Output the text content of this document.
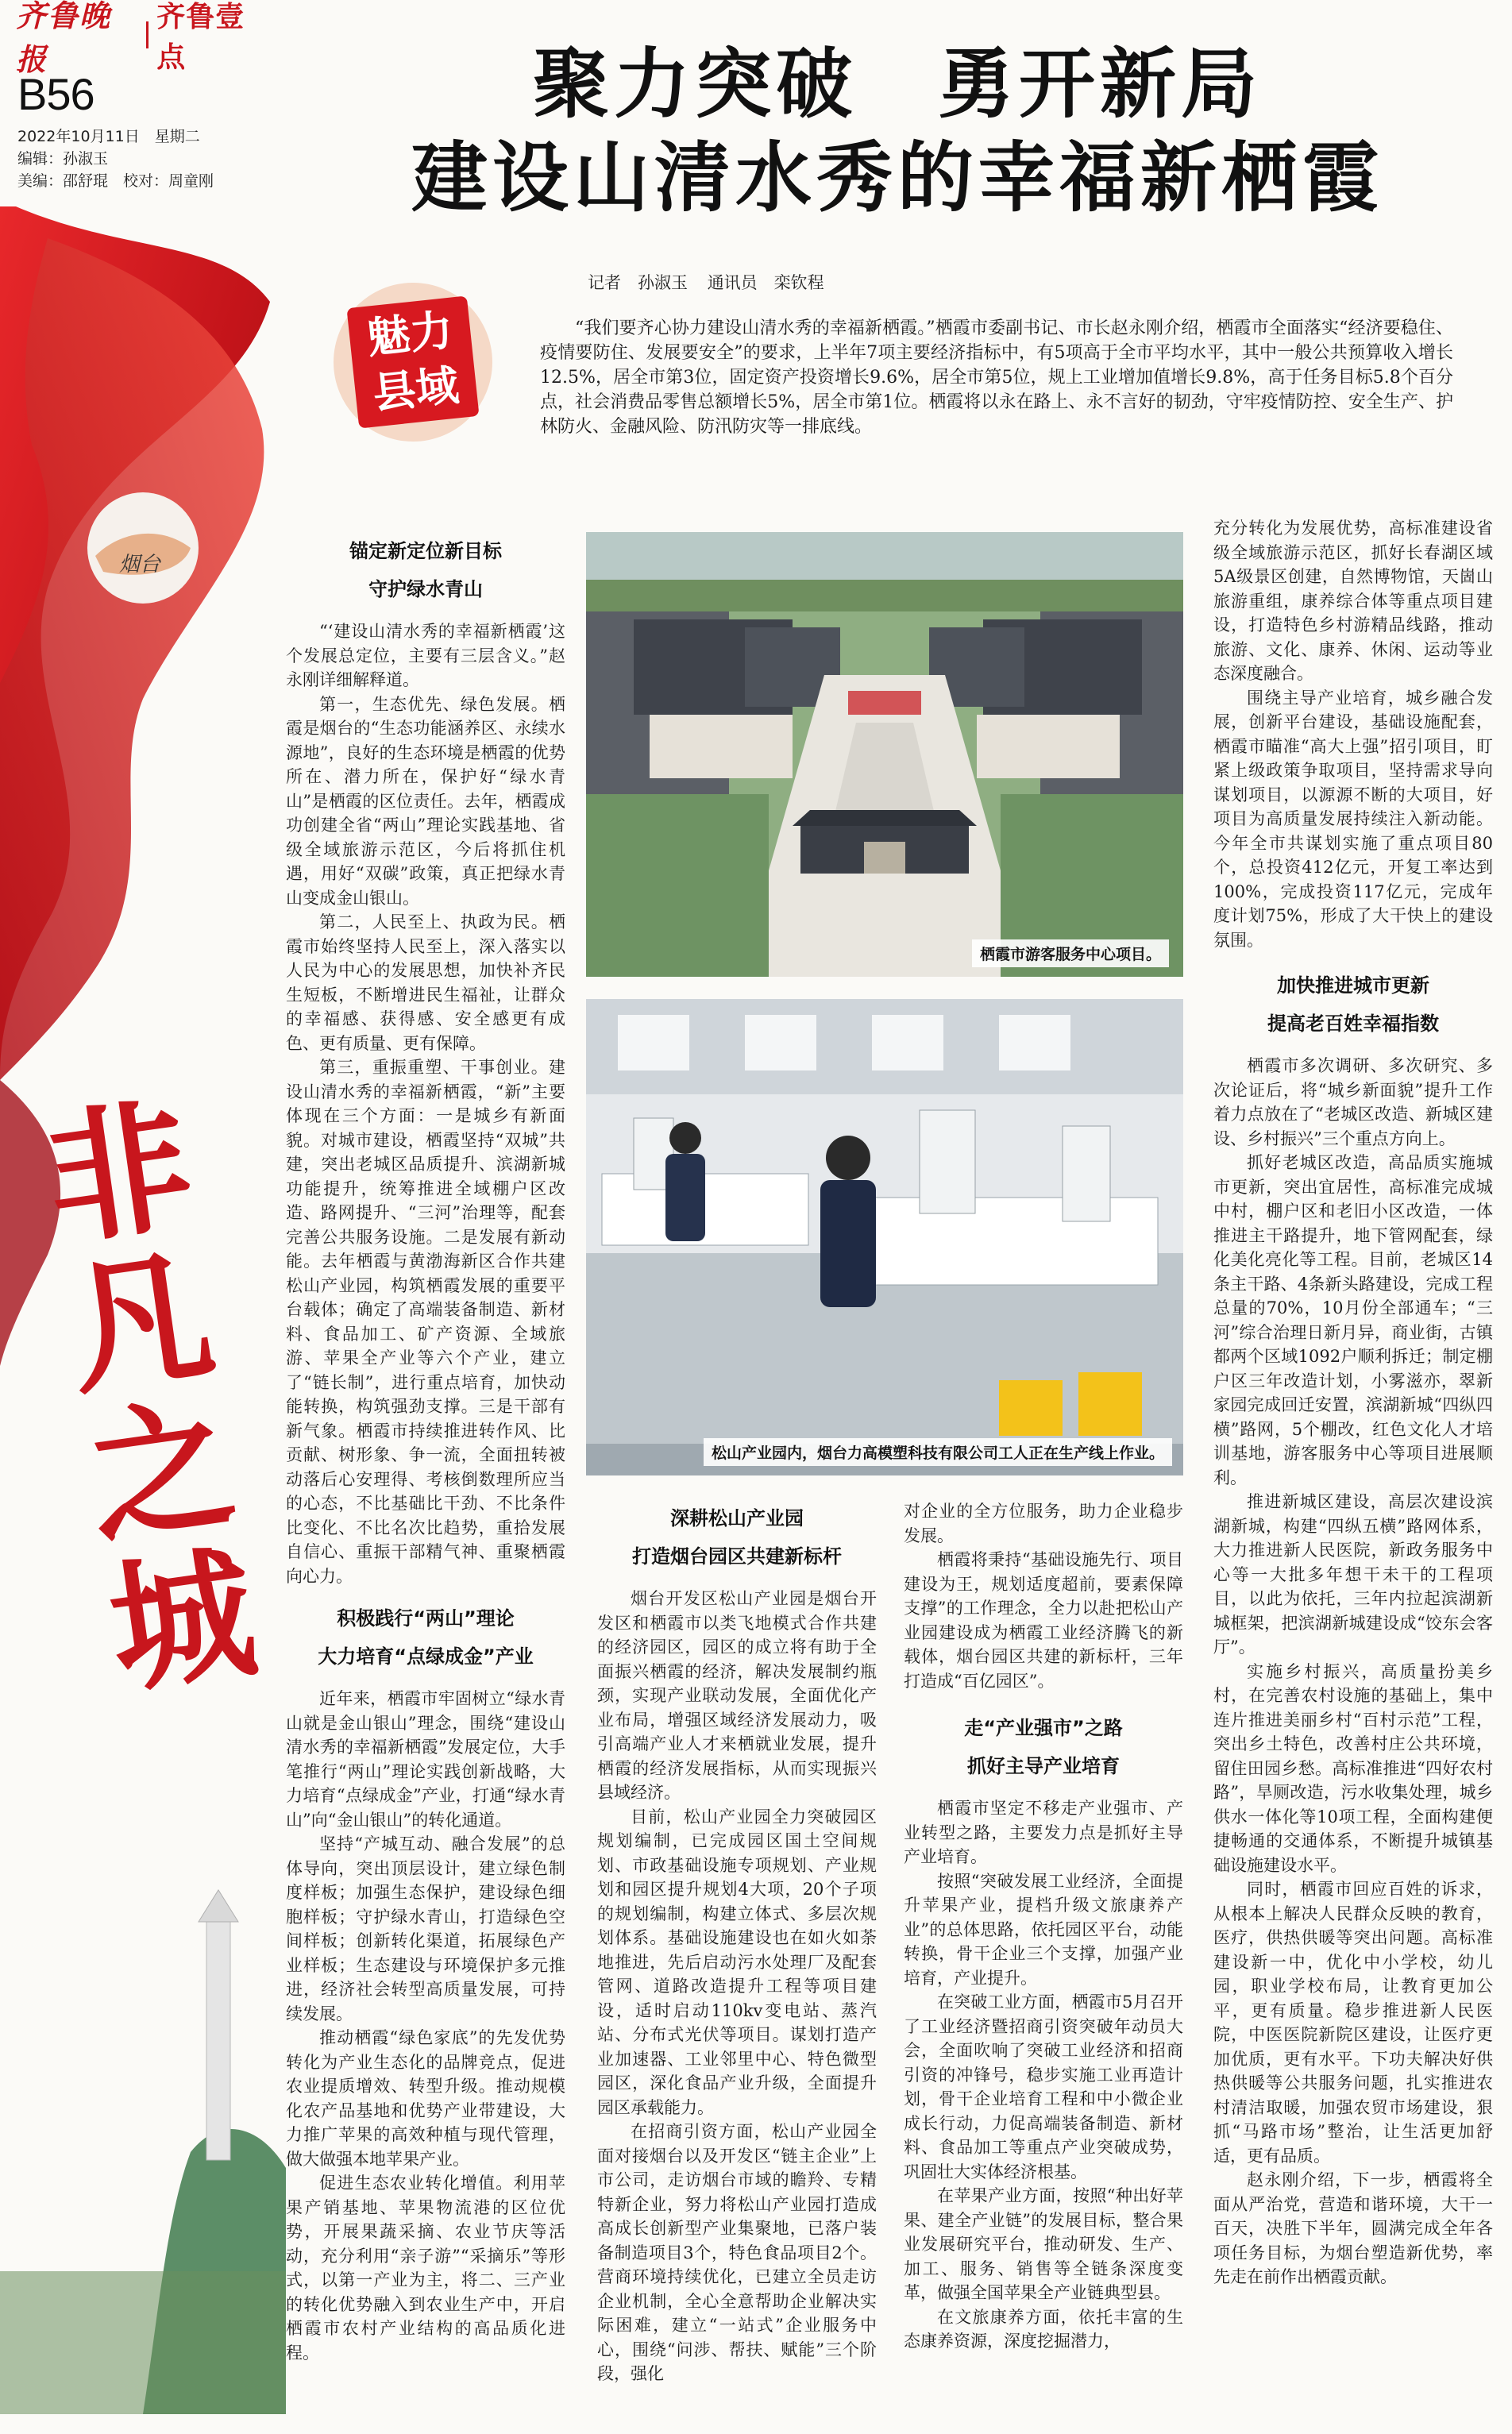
齐鲁晚报
齐鲁壹点
B56
2022年10月11日　星期二
编辑：孙淑玉
美编：邵舒琨　校对：周童刚
聚力突破　勇开新局
建设山清水秀的幸福新栖霞
烟台
非凡之城
魅力
县域
记者　孙淑玉 通讯员　栾钦程
“我们要齐心协力建设山清水秀的幸福新栖霞。”栖霞市委副书记、市长赵永刚介绍，栖霞市全面落实“经济要稳住、疫情要防住、发展要安全”的要求，上半年7项主要经济指标中，有5项高于全市平均水平，其中一般公共预算收入增长12.5%，居全市第3位，固定资产投资增长9.6%，居全市第5位，规上工业增加值增长9.8%，高于任务目标5.8个百分点，社会消费品零售总额增长5%，居全市第1位。栖霞将以永在路上、永不言好的韧劲，守牢疫情防控、安全生产、护林防火、金融风险、防汛防灾等一排底线。
锚定新定位新目标
守护绿水青山

“‘建设山清水秀的幸福新栖霞’这个发展总定位，主要有三层含义。”赵永刚详细解释道。

第一，生态优先、绿色发展。栖霞是烟台的“生态功能涵养区、永续水源地”，良好的生态环境是栖霞的优势所在、潜力所在，保护好“绿水青山”是栖霞的区位责任。去年，栖霞成功创建全省“两山”理论实践基地、省级全域旅游示范区，今后将抓住机遇，用好“双碳”政策，真正把绿水青山变成金山银山。

第二，人民至上、执政为民。栖霞市始终坚持人民至上，深入落实以人民为中心的发展思想，加快补齐民生短板，不断增进民生福祉，让群众的幸福感、获得感、安全感更有成色、更有质量、更有保障。

第三，重振重塑、干事创业。建设山清水秀的幸福新栖霞，“新”主要体现在三个方面：一是城乡有新面貌。对城市建设，栖霞坚持“双城”共建，突出老城区品质提升、滨湖新城功能提升，统筹推进全域棚户区改造、路网提升、“三河”治理等，配套完善公共服务设施。二是发展有新动能。去年栖霞与黄渤海新区合作共建松山产业园，构筑栖霞发展的重要平台载体；确定了高端装备制造、新材料、食品加工、矿产资源、全域旅游、苹果全产业等六个产业，建立了“链长制”，进行重点培育，加快动能转换，构筑强劲支撑。三是干部有新气象。栖霞市持续推进转作风、比贡献、树形象、争一流，全面扭转被动落后心安理得、考核倒数理所应当的心态，不比基础比干劲、不比条件比变化、不比名次比趋势，重拾发展自信心、重振干部精气神、重聚栖霞向心力。

积极践行“两山”理论
大力培育“点绿成金”产业

近年来，栖霞市牢固树立“绿水青山就是金山银山”理念，围绕“建设山清水秀的幸福新栖霞”发展定位，大手笔推行“两山”理论实践创新战略，大力培育“点绿成金”产业，打通“绿水青山”向“金山银山”的转化通道。

坚持“产城互动、融合发展”的总体导向，突出顶层设计，建立绿色制度样板；加强生态保护，建设绿色细胞样板；守护绿水青山，打造绿色空间样板；创新转化渠道，拓展绿色产业样板；生态建设与环境保护多元推进，经济社会转型高质量发展，可持续发展。

推动栖霞“绿色家底”的先发优势转化为产业生态化的品牌竞点，促进农业提质增效、转型升级。推动规模化农产品基地和优势产业带建设，大力推广苹果的高效种植与现代管理，做大做强本地苹果产业。

促进生态农业转化增值。利用苹果产销基地、苹果物流港的区位优势，开展果蔬采摘、农业节庆等活动，充分利用“亲子游”“采摘乐”等形式，以第一产业为主，将二、三产业的转化优势融入到农业生产中，开启栖霞市农村产业结构的高品质化进程。

栖霞市游客服务中心项目。
松山产业园内，烟台力高模塑科技有限公司工人正在生产线上作业。
深耕松山产业园
打造烟台园区共建新标杆

烟台开发区松山产业园是烟台开发区和栖霞市以类飞地模式合作共建的经济园区，园区的成立将有助于全面振兴栖霞的经济，解决发展制约瓶颈，实现产业联动发展，全面优化产业布局，增强区域经济发展动力，吸引高端产业人才来栖就业发展，提升栖霞的经济发展指标，从而实现振兴县域经济。

目前，松山产业园全力突破园区规划编制，已完成园区国土空间规划、市政基础设施专项规划、产业规划和园区提升规划4大项，20个子项的规划编制，构建立体式、多层次规划体系。基础设施建设也在如火如荼地推进，先后启动污水处理厂及配套管网、道路改造提升工程等项目建设，适时启动110kv变电站、蒸汽站、分布式光伏等项目。谋划打造产业加速器、工业邻里中心、特色微型园区，深化食品产业升级，全面提升园区承载能力。

在招商引资方面，松山产业园全面对接烟台以及开发区“链主企业”上市公司，走访烟台市域的瞻羚、专精特新企业，努力将松山产业园打造成高成长创新型产业集聚地，已落户装备制造项目3个，特色食品项目2个。营商环境持续优化，已建立全员走访企业机制，全心全意帮助企业解决实际困难，建立“一站式”企业服务中心，围绕“问涉、帮扶、赋能”三个阶段，强化

对企业的全方位服务，助力企业稳步发展。

栖霞将秉持“基础设施先行、项目建设为王，规划适度超前，要素保障支撑”的工作理念，全力以赴把松山产业园建设成为栖霞工业经济腾飞的新载体，烟台园区共建的新标杆，三年打造成“百亿园区”。

走“产业强市”之路
抓好主导产业培育

栖霞市坚定不移走产业强市、产业转型之路，主要发力点是抓好主导产业培育。

按照“突破发展工业经济，全面提升苹果产业，提档升级文旅康养产业”的总体思路，依托园区平台，动能转换，骨干企业三个支撑，加强产业培育，产业提升。

在突破工业方面，栖霞市5月召开了工业经济暨招商引资突破年动员大会，全面吹响了突破工业经济和招商引资的冲锋号，稳步实施工业再造计划，骨干企业培育工程和中小微企业成长行动，力促高端装备制造、新材料、食品加工等重点产业突破成势，巩固壮大实体经济根基。

在苹果产业方面，按照“种出好苹果、建全产业链”的发展目标，整合果业发展研究平台，推动研发、生产、加工、服务、销售等全链条深度变革，做强全国苹果全产业链典型县。

在文旅康养方面，依托丰富的生态康养资源，深度挖掘潜力，

充分转化为发展优势，高标准建设省级全域旅游示范区，抓好长春湖区域5A级景区创建，自然博物馆，天崮山旅游重组，康养综合体等重点项目建设，打造特色乡村游精品线路，推动旅游、文化、康养、休闲、运动等业态深度融合。

围绕主导产业培育，城乡融合发展，创新平台建设，基础设施配套，栖霞市瞄准“高大上强”招引项目，盯紧上级政策争取项目，坚持需求导向谋划项目，以源源不断的大项目，好项目为高质量发展持续注入新动能。今年全市共谋划实施了重点项目80个，总投资412亿元，开复工率达到100%，完成投资117亿元，完成年度计划75%，形成了大干快上的建设氛围。

加快推进城市更新
提高老百姓幸福指数

栖霞市多次调研、多次研究、多次论证后，将“城乡新面貌”提升工作着力点放在了“老城区改造、新城区建设、乡村振兴”三个重点方向上。

抓好老城区改造，高品质实施城市更新，突出宜居性，高标准完成城中村，棚户区和老旧小区改造，一体推进主干路提升，地下管网配套，绿化美化亮化等工程。目前，老城区14条主干路、4条新头路建设，完成工程总量的70%，10月份全部通车；“三河”综合治理日新月异，商业街，古镇都两个区域1092户顺利拆迁；制定棚户区三年改造计划，小雾滋亦，翠新家园完成回迁安置，滨湖新城“四纵四横”路网，5个棚改，红色文化人才培训基地，游客服务中心等项目进展顺利。

推进新城区建设，高层次建设滨湖新城，构建“四纵五横”路网体系，大力推进新人民医院，新政务服务中心等一大批多年想干未干的工程项目，以此为依托，三年内拉起滨湖新城框架，把滨湖新城建设成“饺东会客厅”。

实施乡村振兴，高质量扮美乡村，在完善农村设施的基础上，集中连片推进美丽乡村“百村示范”工程，突出乡土特色，改善村庄公共环境，留住田园乡愁。高标准推进“四好农村路”，旱厕改造，污水收集处理，城乡供水一体化等10项工程，全面构建便捷畅通的交通体系，不断提升城镇基础设施建设水平。

同时，栖霞市回应百姓的诉求，从根本上解决人民群众反映的教育，医疗，供热供暖等突出问题。高标准建设新一中，优化中小学校，幼儿园，职业学校布局，让教育更加公平，更有质量。稳步推进新人民医院，中医医院新院区建设，让医疗更加优质，更有水平。下功夫解决好供热供暖等公共服务问题，扎实推进农村清洁取暖，加强农贸市场建设，狠抓“马路市场”整治，让生活更加舒适，更有品质。

赵永刚介绍，下一步，栖霞将全面从严治党，营造和谐环境，大干一百天，决胜下半年，圆满完成全年各项任务目标，为烟台塑造新优势，率先走在前作出栖霞贡献。
